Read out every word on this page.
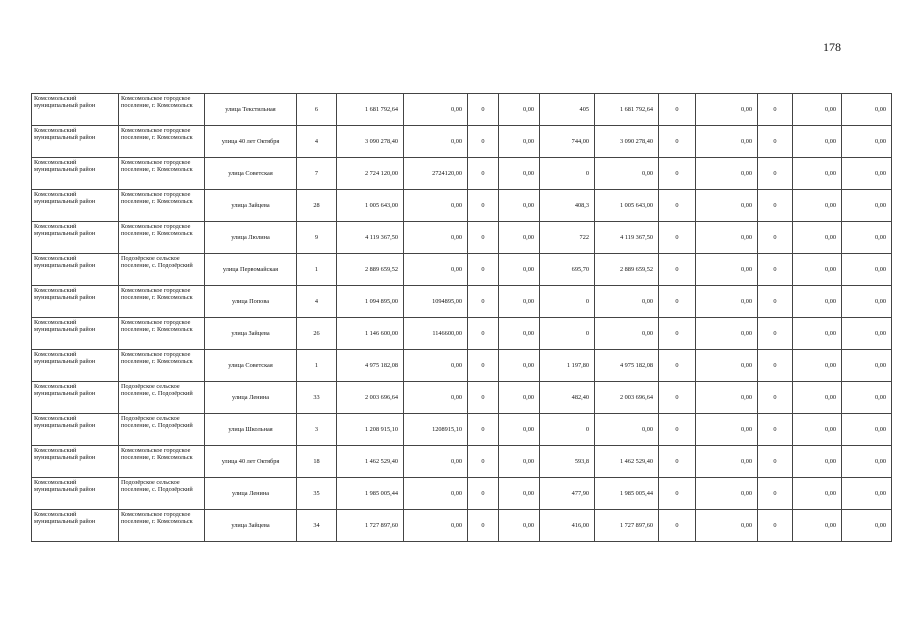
178
Комсомольский муниципальный район	Комсомольское городское поселение, г. Комсомольск	улица Текстильная	6	1 681 792,64	0,00	0	0,00	405	1 681 792,64	0	0,00	0	0,00	0,00
Комсомольский муниципальный район	Комсомольское городское поселение, г. Комсомольск	улица 40 лет Октября	4	3 090 278,40	0,00	0	0,00	744,00	3 090 278,40	0	0,00	0	0,00	0,00
Комсомольский муниципальный район	Комсомольское городское поселение, г. Комсомольск	улица Советская	7	2 724 120,00	2724120,00	0	0,00	0	0,00	0	0,00	0	0,00	0,00
Комсомольский муниципальный район	Комсомольское городское поселение, г. Комсомольск	улица Зайцева	28	1 005 643,00	0,00	0	0,00	408,3	1 005 643,00	0	0,00	0	0,00	0,00
Комсомольский муниципальный район	Комсомольское городское поселение, г. Комсомольск	улица Люлина	9	4 119 367,50	0,00	0	0,00	722	4 119 367,50	0	0,00	0	0,00	0,00
Комсомольский муниципальный район	Подозёрское сельское поселение, с. Подозёрский	улица Первомайская	1	2 889 659,52	0,00	0	0,00	695,70	2 889 659,52	0	0,00	0	0,00	0,00
Комсомольский муниципальный район	Комсомольское городское поселение, г. Комсомольск	улица Попова	4	1 094 895,00	1094895,00	0	0,00	0	0,00	0	0,00	0	0,00	0,00
Комсомольский муниципальный район	Комсомольское городское поселение, г. Комсомольск	улица Зайцева	26	1 146 600,00	1146600,00	0	0,00	0	0,00	0	0,00	0	0,00	0,00
Комсомольский муниципальный район	Комсомольское городское поселение, г. Комсомольск	улица Советская	1	4 975 182,08	0,00	0	0,00	1 197,80	4 975 182,08	0	0,00	0	0,00	0,00
Комсомольский муниципальный район	Подозёрское сельское поселение, с. Подозёрский	улица Ленина	33	2 003 696,64	0,00	0	0,00	482,40	2 003 696,64	0	0,00	0	0,00	0,00
Комсомольский муниципальный район	Подозёрское сельское поселение, с. Подозёрский	улица Школьная	3	1 208 915,10	1208915,10	0	0,00	0	0,00	0	0,00	0	0,00	0,00
Комсомольский муниципальный район	Комсомольское городское поселение, г. Комсомольск	улица 40 лет Октября	18	1 462 529,40	0,00	0	0,00	593,8	1 462 529,40	0	0,00	0	0,00	0,00
Комсомольский муниципальный район	Подозёрское сельское поселение, с. Подозёрский	улица Ленина	35	1 985 005,44	0,00	0	0,00	477,90	1 985 005,44	0	0,00	0	0,00	0,00
Комсомольский муниципальный район	Комсомольское городское поселение, г. Комсомольск	улица Зайцева	34	1 727 897,60	0,00	0	0,00	416,00	1 727 897,60	0	0,00	0	0,00	0,00
